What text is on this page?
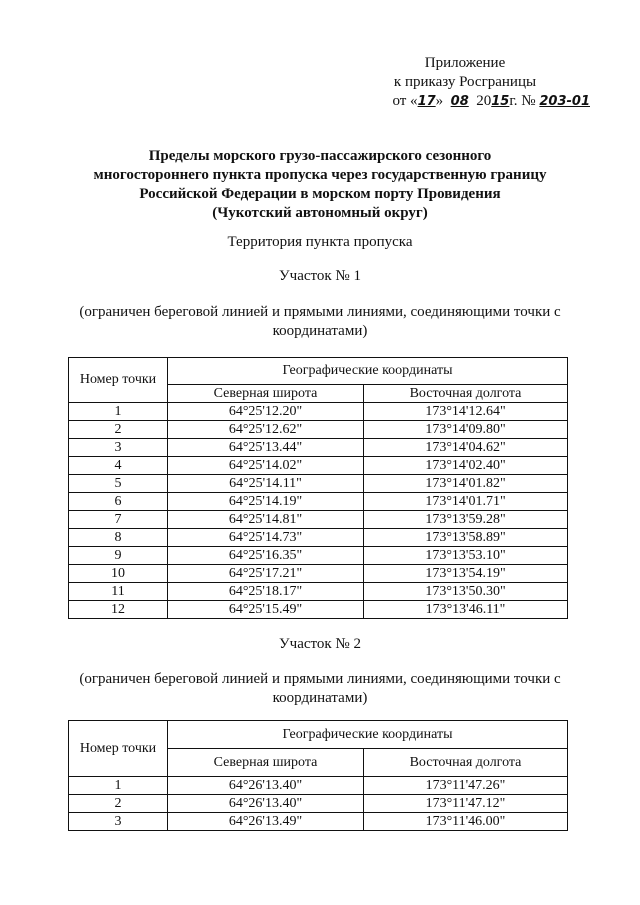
Приложение
к приказу Росграницы
от «17» 08 2015г. № 203-01
Пределы морского грузо-пассажирского сезонного
многостороннего пункта пропуска через государственную границу
Российской Федерации в морском порту Провидения
(Чукотский автономный округ)
Территория пункта пропуска
Участок № 1
(ограничен береговой линией и прямыми линиями, соединяющими точки с
координатами)
Номер точки	Географические координаты	
	Северная широта	Восточная долгота
1	64°25'12.20"	173°14'12.64"
2	64°25'12.62"	173°14'09.80"
3	64°25'13.44"	173°14'04.62"
4	64°25'14.02"	173°14'02.40"
5	64°25'14.11"	173°14'01.82"
6	64°25'14.19"	173°14'01.71"
7	64°25'14.81"	173°13'59.28"
8	64°25'14.73"	173°13'58.89"
9	64°25'16.35"	173°13'53.10"
10	64°25'17.21"	173°13'54.19"
11	64°25'18.17"	173°13'50.30"
12	64°25'15.49"	173°13'46.11"
Участок № 2
(ограничен береговой линией и прямыми линиями, соединяющими точки с
координатами)
Номер точки	Географические координаты	
	Северная широта	Восточная долгота
1	64°26'13.40"	173°11'47.26"
2	64°26'13.40"	173°11'47.12"
3	64°26'13.49"	173°11'46.00"
